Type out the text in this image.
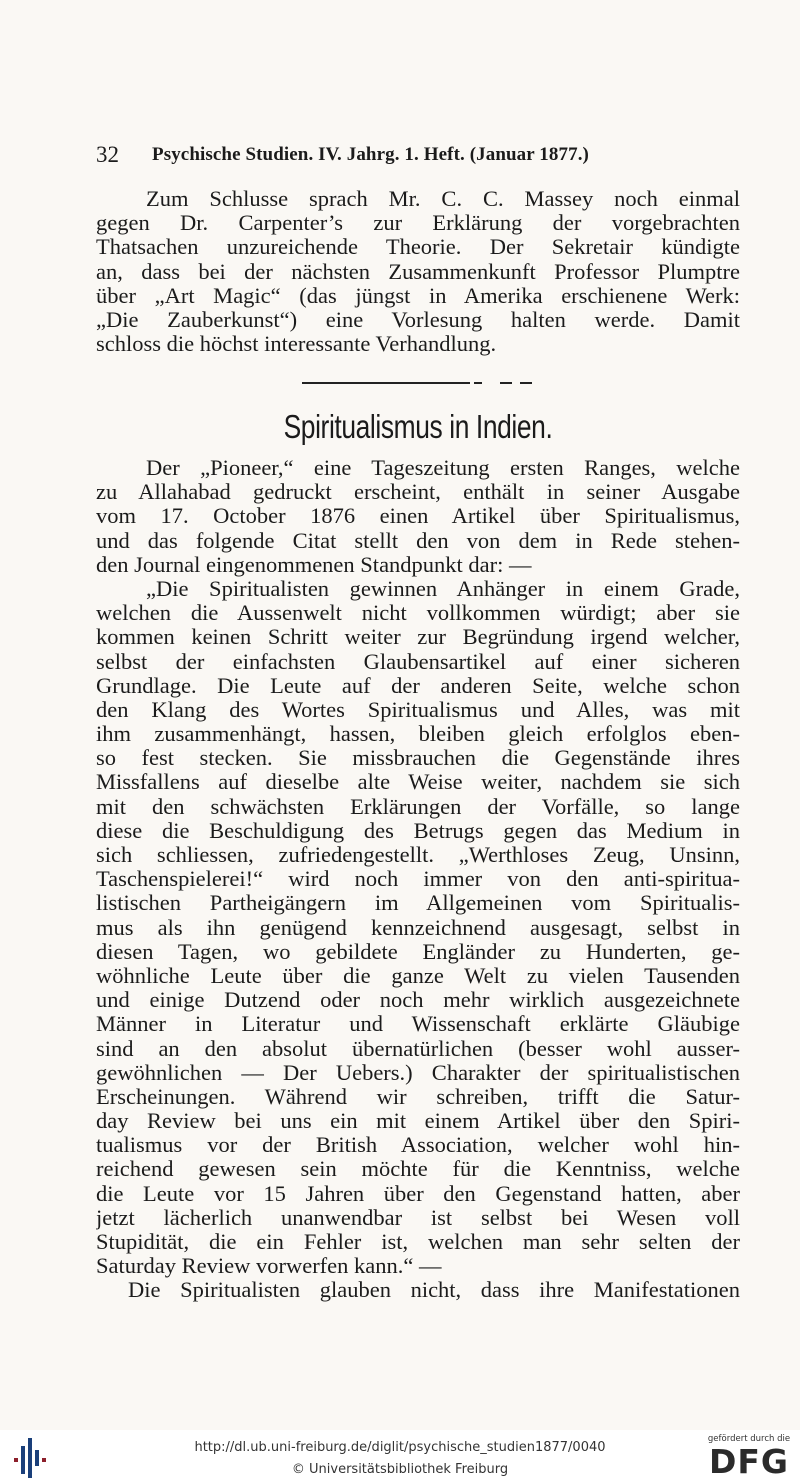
32	Psychische Studien. IV. Jahrg. 1. Heft. (Januar 1877.)
Zum Schlusse sprach Mr. C. C. Massey noch einmal
gegen Dr. Carpenter’s zur Erklärung der vorgebrachten
Thatsachen unzureichende Theorie. Der Sekretair kündigte
an, dass bei der nächsten Zusammenkunft Professor Plumptre
über „Art Magic“ (das jüngst in Amerika erschienene Werk:
„Die Zauberkunst“) eine Vorlesung halten werde. Damit
schloss die höchst interessante Verhandlung.
Spiritualismus in Indien.
Der „Pioneer,“ eine Tageszeitung ersten Ranges, welche
zu Allahabad gedruckt erscheint, enthält in seiner Ausgabe
vom 17. October 1876 einen Artikel über Spiritualismus,
und das folgende Citat stellt den von dem in Rede stehen-
den Journal eingenommenen Standpunkt dar: —
„Die Spiritualisten gewinnen Anhänger in einem Grade,
welchen die Aussenwelt nicht vollkommen würdigt; aber sie
kommen keinen Schritt weiter zur Begründung irgend welcher,
selbst der einfachsten Glaubensartikel auf einer sicheren
Grundlage. Die Leute auf der anderen Seite, welche schon
den Klang des Wortes Spiritualismus und Alles, was mit
ihm zusammenhängt, hassen, bleiben gleich erfolglos eben-
so fest stecken. Sie missbrauchen die Gegenstände ihres
Missfallens auf dieselbe alte Weise weiter, nachdem sie sich
mit den schwächsten Erklärungen der Vorfälle, so lange
diese die Beschuldigung des Betrugs gegen das Medium in
sich schliessen, zufriedengestellt. „Werthloses Zeug, Unsinn,
Taschenspielerei!“ wird noch immer von den anti-spiritua-
listischen Partheigängern im Allgemeinen vom Spiritualis-
mus als ihn genügend kennzeichnend ausgesagt, selbst in
diesen Tagen, wo gebildete Engländer zu Hunderten, ge-
wöhnliche Leute über die ganze Welt zu vielen Tausenden
und einige Dutzend oder noch mehr wirklich ausgezeichnete
Männer in Literatur und Wissenschaft erklärte Gläubige
sind an den absolut übernatürlichen (besser wohl ausser-
gewöhnlichen — Der Uebers.) Charakter der spiritualistischen
Erscheinungen. Während wir schreiben, trifft die Satur-
day Review bei uns ein mit einem Artikel über den Spiri-
tualismus vor der British Association, welcher wohl hin-
reichend gewesen sein möchte für die Kenntniss, welche
die Leute vor 15 Jahren über den Gegenstand hatten, aber
jetzt lächerlich unanwendbar ist selbst bei Wesen voll
Stupidität, die ein Fehler ist, welchen man sehr selten der
Saturday Review vorwerfen kann.“ —
Die Spiritualisten glauben nicht, dass ihre Manifestationen
http://dl.ub.uni-freiburg.de/diglit/psychische_studien1877/0040
© Universitätsbibliothek Freiburg
gefördert durch die
DFG
